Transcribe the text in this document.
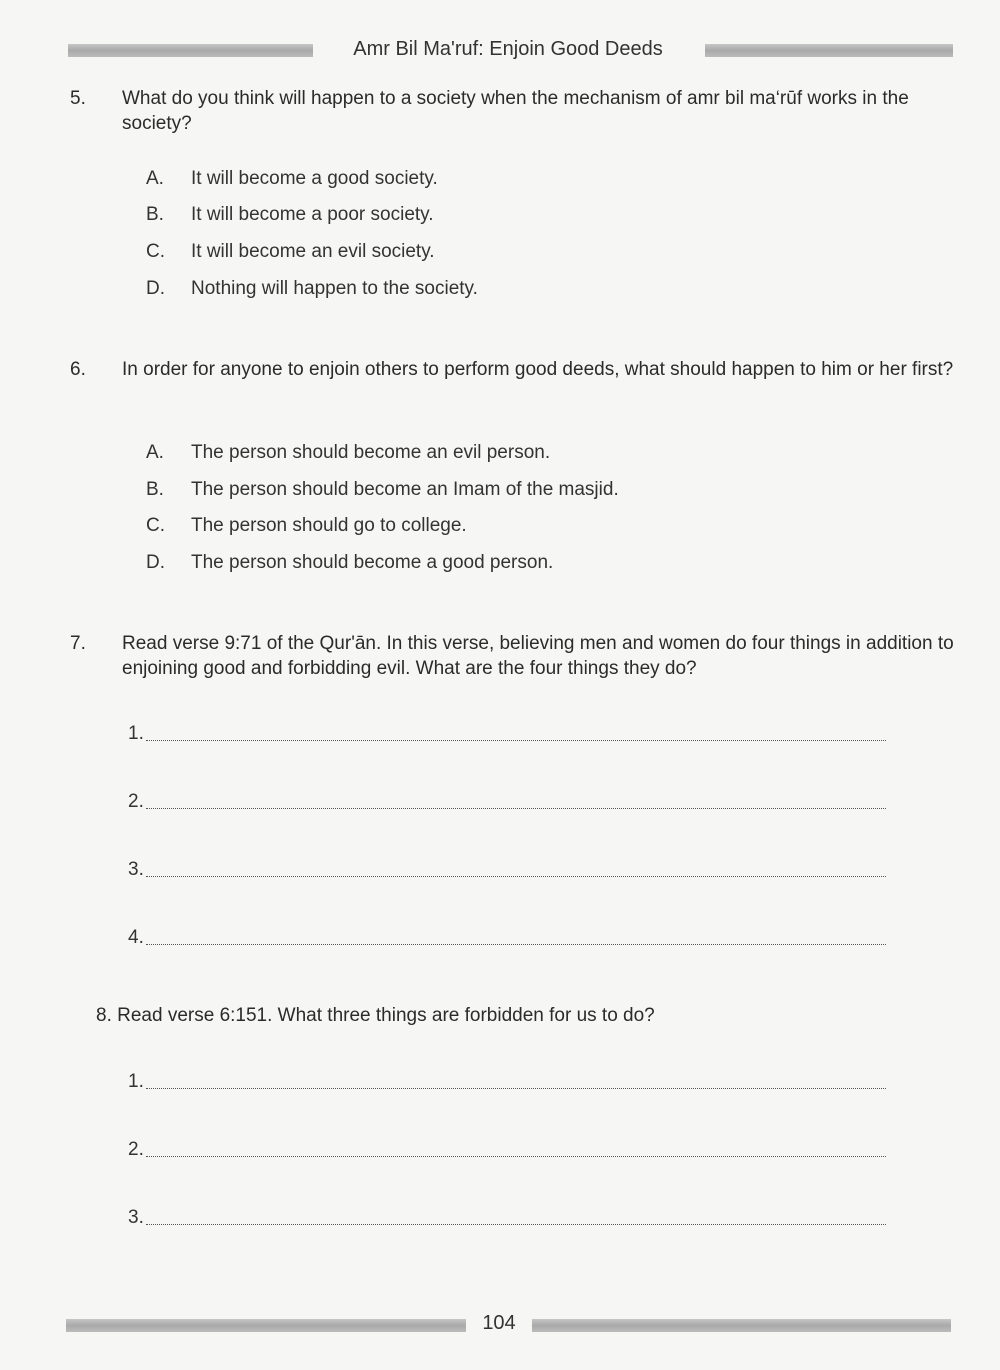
Amr Bil Ma'ruf: Enjoin Good Deeds
5. What do you think will happen to a society when the mechanism of amr bil ma‘rūf works in the society?
A. It will become a good society.
B. It will become a poor society.
C. It will become an evil society.
D. Nothing will happen to the society.
6. In order for anyone to enjoin others to perform good deeds, what should happen to him or her first?
A. The person should become an evil person.
B. The person should become an Imam of the masjid.
C. The person should go to college.
D. The person should become a good person.
7. Read verse 9:71 of the Qur'ān. In this verse, believing men and women do four things in addition to enjoining good and forbidding evil. What are the four things they do?
1.
2.
3.
4.
8. Read verse 6:151. What three things are forbidden for us to do?
1.
2.
3.
104
